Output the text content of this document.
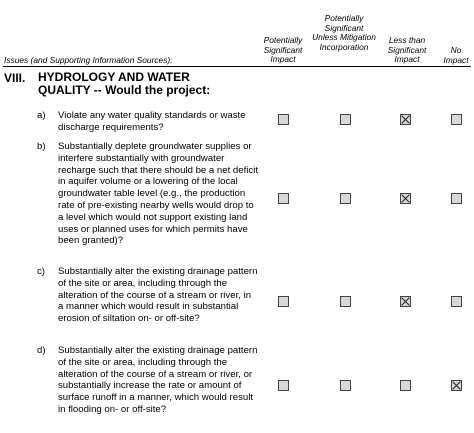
Issues (and Supporting Information Sources):
Potentially Significant Impact
Potentially Significant Unless Mitigation Incorporation
Less than Significant Impact
No Impact
VIII. HYDROLOGY AND WATER QUALITY -- Would the project:
a) Violate any water quality standards or waste discharge requirements?
b) Substantially deplete groundwater supplies or interfere substantially with groundwater recharge such that there should be a net deficit in aquifer volume or a lowering of the local groundwater table level (e.g., the production rate of pre-existing nearby wells would drop to a level which would not support existing land uses or planned uses for which permits have been granted)?
c) Substantially alter the existing drainage pattern of the site or area, including through the alteration of the course of a stream or river, in a manner which would result in substantial erosion of siltation on- or off-site?
d) Substantially alter the existing drainage pattern of the site or area, including through the alteration of the course of a stream or river, or substantially increase the rate or amount of surface runoff in a manner, which would result in flooding on- or off-site?
